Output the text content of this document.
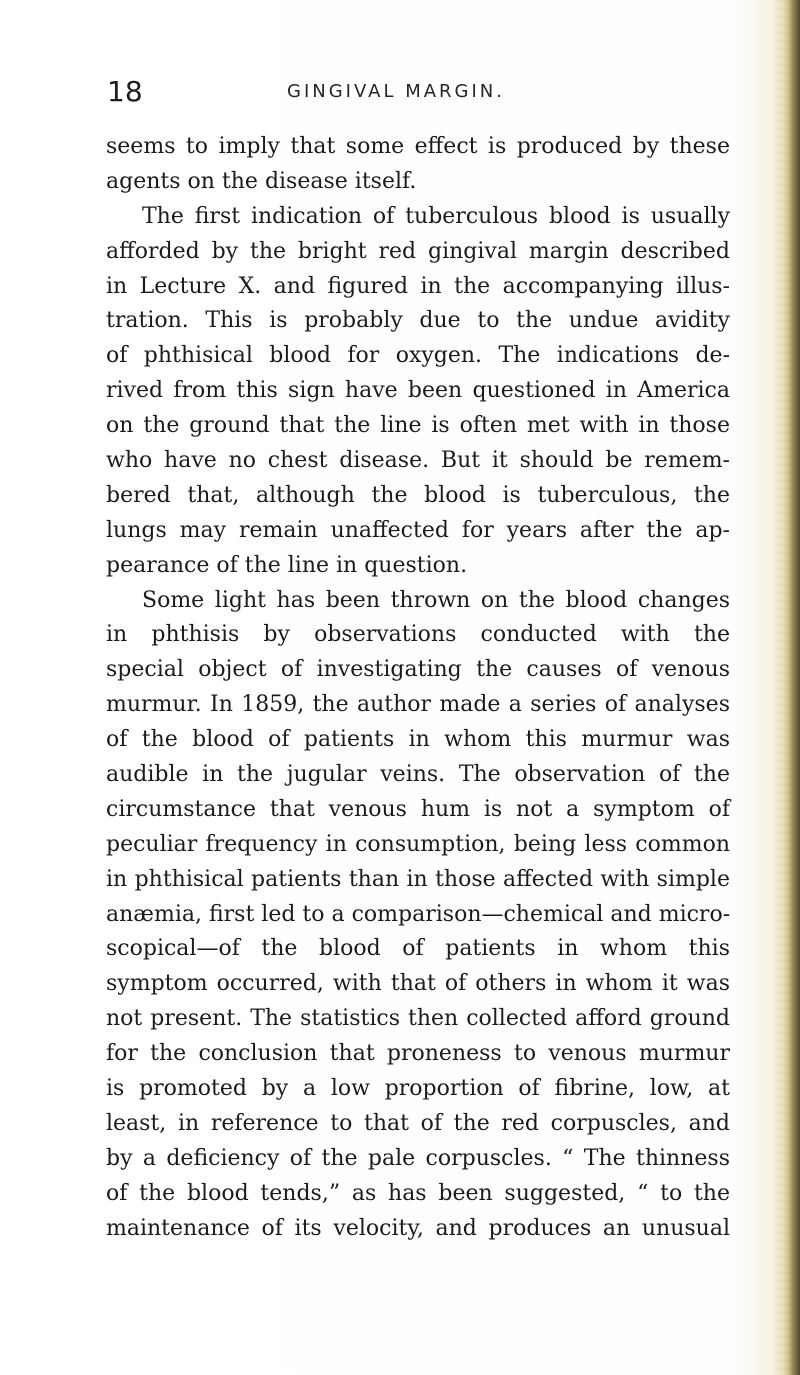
18	GINGIVAL MARGIN.
seems to imply that some effect is produced by these
agents on the disease itself.
The first indication of tuberculous blood is usually
afforded by the bright red gingival margin described
in Lecture X. and figured in the accompanying illus-
tration. This is probably due to the undue avidity
of phthisical blood for oxygen. The indications de-
rived from this sign have been questioned in America
on the ground that the line is often met with in those
who have no chest disease. But it should be remem-
bered that, although the blood is tuberculous, the
lungs may remain unaffected for years after the ap-
pearance of the line in question.
Some light has been thrown on the blood changes
in phthisis by observations conducted with the
special object of investigating the causes of venous
murmur. In 1859, the author made a series of analyses
of the blood of patients in whom this murmur was
audible in the jugular veins. The observation of the
circumstance that venous hum is not a symptom of
peculiar frequency in consumption, being less common
in phthisical patients than in those affected with simple
anæmia, first led to a comparison—chemical and micro-
scopical—of the blood of patients in whom this
symptom occurred, with that of others in whom it was
not present. The statistics then collected afford ground
for the conclusion that proneness to venous murmur
is promoted by a low proportion of fibrine, low, at
least, in reference to that of the red corpuscles, and
by a deficiency of the pale corpuscles. “ The thinness
of the blood tends,” as has been suggested, “ to the
maintenance of its velocity, and produces an unusual
